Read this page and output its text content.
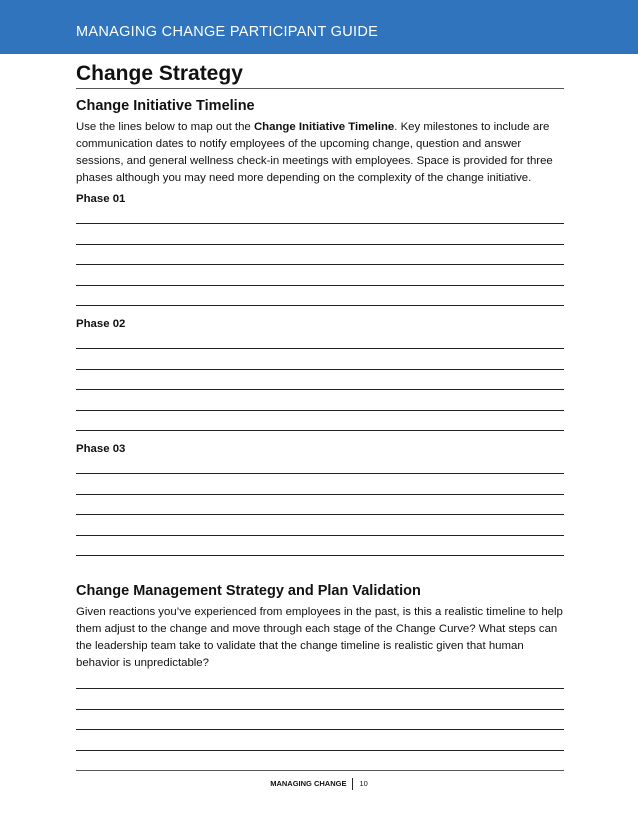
MANAGING CHANGE PARTICIPANT GUIDE
Change Strategy
Change Initiative Timeline

Use the lines below to map out the Change Initiative Timeline. Key milestones to include are communication dates to notify employees of the upcoming change, question and answer sessions, and general wellness check-in meetings with employees. Space is provided for three phases although you may need more depending on the complexity of the change initiative.

Phase 01
Phase 02
Phase 03
Change Management Strategy and Plan Validation

Given reactions you’ve experienced from employees in the past, is this a realistic timeline to help them adjust to the change and move through each stage of the Change Curve? What steps can the leadership team take to validate that the change timeline is realistic given that human behavior is unpredictable?

MANAGING CHANGE 10
